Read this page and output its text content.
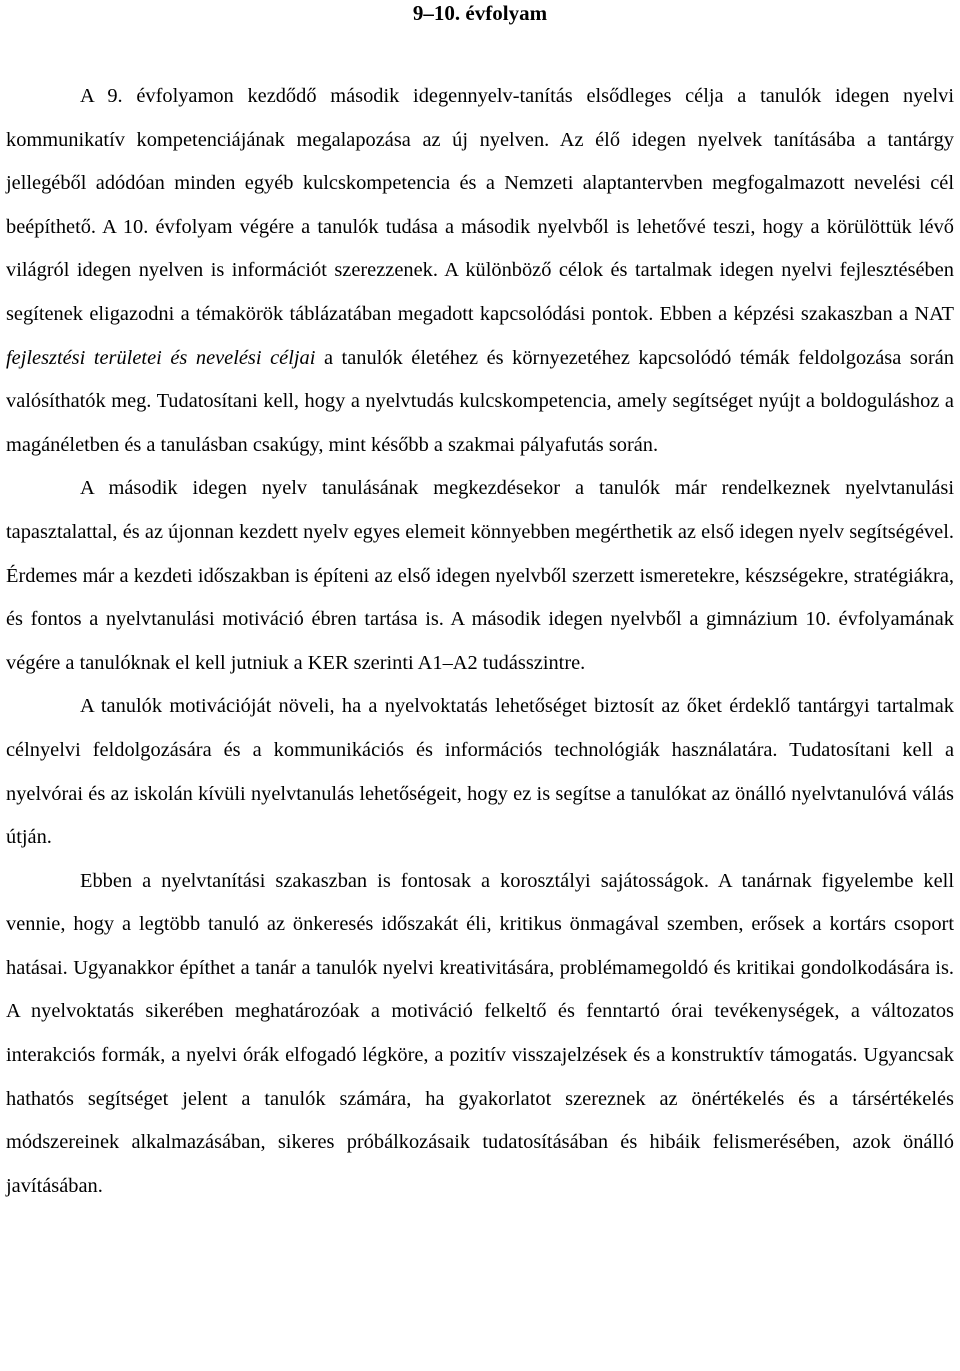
9–10. évfolyam

A 9. évfolyamon kezdődő második idegennyelv-tanítás elsődleges célja a tanulók idegen nyelvi kommunikatív kompetenciájának megalapozása az új nyelven. Az élő idegen nyelvek tanításába a tantárgy jellegéből adódóan minden egyéb kulcskompetencia és a Nemzeti alaptantervben megfogalmazott nevelési cél beépíthető. A 10. évfolyam végére a tanulók tudása a második nyelvből is lehetővé teszi, hogy a körülöttük lévő világról idegen nyelven is információt szerezzenek. A különböző célok és tartalmak idegen nyelvi fejlesztésében segítenek eligazodni a témakörök táblázatában megadott kapcsolódási pontok. Ebben a képzési szakaszban a NAT fejlesztési területei és nevelési céljai a tanulók életéhez és környezetéhez kapcsolódó témák feldolgozása során valósíthatók meg. Tudatosítani kell, hogy a nyelvtudás kulcskompetencia, amely segítséget nyújt a boldoguláshoz a magánéletben és a tanulásban csakúgy, mint később a szakmai pályafutás során.

A második idegen nyelv tanulásának megkezdésekor a tanulók már rendelkeznek nyelvtanulási tapasztalattal, és az újonnan kezdett nyelv egyes elemeit könnyebben megérthetik az első idegen nyelv segítségével. Érdemes már a kezdeti időszakban is építeni az első idegen nyelvből szerzett ismeretekre, készségekre, stratégiákra, és fontos a nyelvtanulási motiváció ébren tartása is. A második idegen nyelvből a gimnázium 10. évfolyamának végére a tanulóknak el kell jutniuk a KER szerinti A1–A2 tudásszintre.

A tanulók motivációját növeli, ha a nyelvoktatás lehetőséget biztosít az őket érdeklő tantárgyi tartalmak célnyelvi feldolgozására és a kommunikációs és információs technológiák használatára. Tudatosítani kell a nyelvórai és az iskolán kívüli nyelvtanulás lehetőségeit, hogy ez is segítse a tanulókat az önálló nyelvtanulóvá válás útján.

Ebben a nyelvtanítási szakaszban is fontosak a korosztályi sajátosságok. A tanárnak figyelembe kell vennie, hogy a legtöbb tanuló az önkeresés időszakát éli, kritikus önmagával szemben, erősek a kortárs csoport hatásai. Ugyanakkor építhet a tanár a tanulók nyelvi kreativitására, problémamegoldó és kritikai gondolkodására is. A nyelvoktatás sikerében meghatározóak a motiváció felkeltő és fenntartó órai tevékenységek, a változatos interakciós formák, a nyelvi órák elfogadó légköre, a pozitív visszajelzések és a konstruktív támogatás. Ugyancsak hathatós segítséget jelent a tanulók számára, ha gyakorlatot szereznek az önértékelés és a társértékelés módszereinek alkalmazásában, sikeres próbálkozásaik tudatosításában és hibáik felismerésében, azok önálló javításában.
